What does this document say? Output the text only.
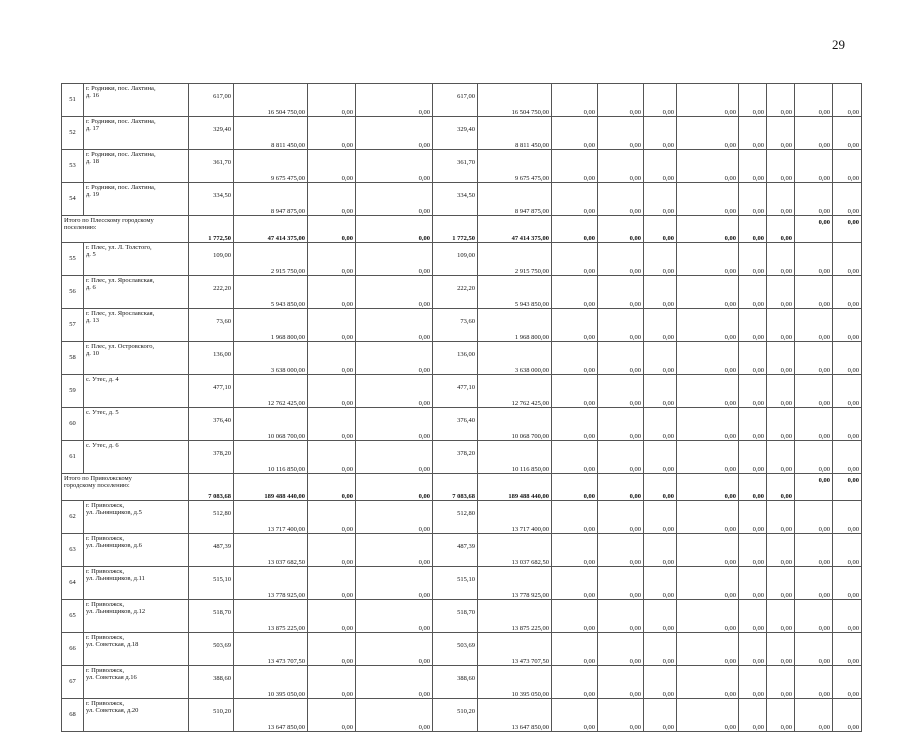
29
51	г. Родники, пос. Лахтина,
д. 16	617,00	16 504 750,00	0,00	0,00	617,00	16 504 750,00	0,00	0,00	0,00	0,00	0,00	0,00	0,00	0,00
52	г. Родники, пос. Лахтина,
д. 17	329,40	8 811 450,00	0,00	0,00	329,40	8 811 450,00	0,00	0,00	0,00	0,00	0,00	0,00	0,00	0,00
53	г. Родники, пос. Лахтина,
д. 18	361,70	9 675 475,00	0,00	0,00	361,70	9 675 475,00	0,00	0,00	0,00	0,00	0,00	0,00	0,00	0,00
54	г. Родники, пос. Лахтина,
д. 19	334,50	8 947 875,00	0,00	0,00	334,50	8 947 875,00	0,00	0,00	0,00	0,00	0,00	0,00	0,00	0,00
Итого по Плесскому городскому
поселению:		1 772,50	47 414 375,00	0,00	0,00	1 772,50	47 414 375,00	0,00	0,00	0,00	0,00	0,00	0,00	0,00	0,00
55	г. Плес, ул. Л. Толстого,
д. 5	109,00	2 915 750,00	0,00	0,00	109,00	2 915 750,00	0,00	0,00	0,00	0,00	0,00	0,00	0,00	0,00
56	г. Плес, ул. Ярославская,
д. 6	222,20	5 943 850,00	0,00	0,00	222,20	5 943 850,00	0,00	0,00	0,00	0,00	0,00	0,00	0,00	0,00
57	г. Плес, ул. Ярославская,
д. 13	73,60	1 968 800,00	0,00	0,00	73,60	1 968 800,00	0,00	0,00	0,00	0,00	0,00	0,00	0,00	0,00
58	г. Плес, ул. Островского,
д. 10	136,00	3 638 000,00	0,00	0,00	136,00	3 638 000,00	0,00	0,00	0,00	0,00	0,00	0,00	0,00	0,00
59	с. Утес, д. 4	477,10	12 762 425,00	0,00	0,00	477,10	12 762 425,00	0,00	0,00	0,00	0,00	0,00	0,00	0,00	0,00
60	с. Утес, д. 5	376,40	10 068 700,00	0,00	0,00	376,40	10 068 700,00	0,00	0,00	0,00	0,00	0,00	0,00	0,00	0,00
61	с. Утес, д. 6	378,20	10 116 850,00	0,00	0,00	378,20	10 116 850,00	0,00	0,00	0,00	0,00	0,00	0,00	0,00	0,00
Итого по Приволжскому
городскому поселению:		7 083,68	189 488 440,00	0,00	0,00	7 083,68	189 488 440,00	0,00	0,00	0,00	0,00	0,00	0,00	0,00	0,00
62	г. Приволжск,
ул. Льнянщиков, д.5	512,80	13 717 400,00	0,00	0,00	512,80	13 717 400,00	0,00	0,00	0,00	0,00	0,00	0,00	0,00	0,00
63	г. Приволжск,
ул. Льнянщиков, д.6	487,39	13 037 682,50	0,00	0,00	487,39	13 037 682,50	0,00	0,00	0,00	0,00	0,00	0,00	0,00	0,00
64	г. Приволжск,
ул. Льнянщиков, д.11	515,10	13 778 925,00	0,00	0,00	515,10	13 778 925,00	0,00	0,00	0,00	0,00	0,00	0,00	0,00	0,00
65	г. Приволжск,
ул. Льнянщиков, д.12	518,70	13 875 225,00	0,00	0,00	518,70	13 875 225,00	0,00	0,00	0,00	0,00	0,00	0,00	0,00	0,00
66	г. Приволжск,
ул. Советская, д.18	503,69	13 473 707,50	0,00	0,00	503,69	13 473 707,50	0,00	0,00	0,00	0,00	0,00	0,00	0,00	0,00
67	г. Приволжск,
ул. Советская д.16	388,60	10 395 050,00	0,00	0,00	388,60	10 395 050,00	0,00	0,00	0,00	0,00	0,00	0,00	0,00	0,00
68	г. Приволжск,
ул. Советская, д.20	510,20	13 647 850,00	0,00	0,00	510,20	13 647 850,00	0,00	0,00	0,00	0,00	0,00	0,00	0,00	0,00
